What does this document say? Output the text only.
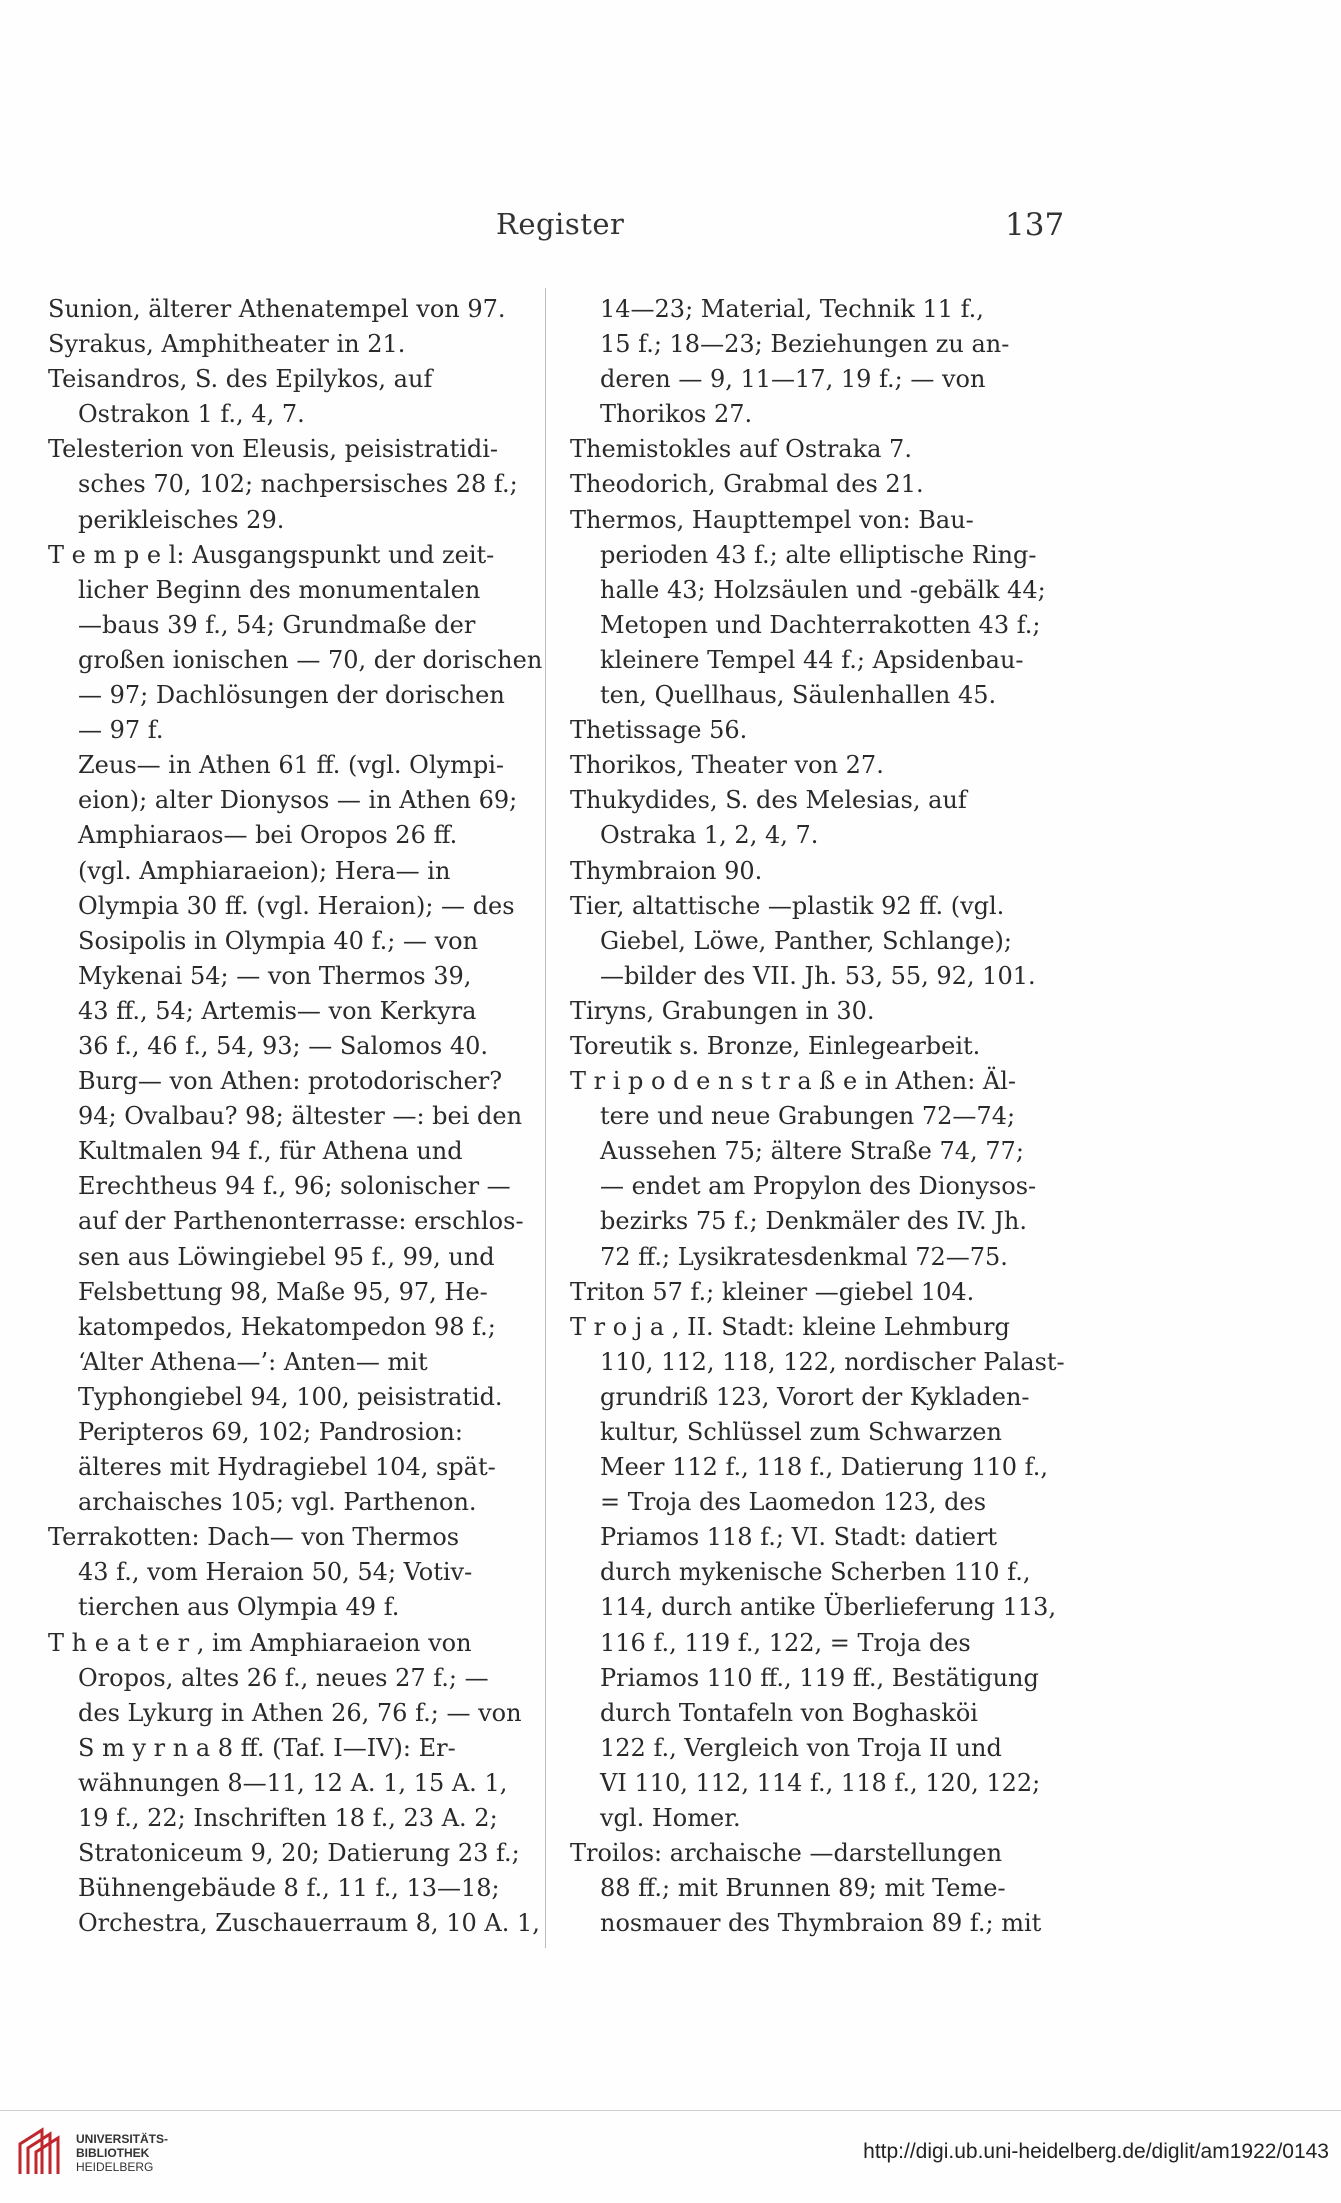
Register	137
Sunion, älterer Athenatempel von 97.
Syrakus, Amphitheater in 21.
Teisandros, S. des Epilykos, auf
Ostrakon 1 f., 4, 7.
Telesterion von Eleusis, peisistratidi-
sches 70, 102; nachpersisches 28 f.;
perikleisches 29.
T e m p e l: Ausgangspunkt und zeit-
licher Beginn des monumentalen
—baus 39 f., 54; Grundmaße der
großen ionischen — 70, der dorischen
— 97; Dachlösungen der dorischen
— 97 f.
Zeus— in Athen 61 ff. (vgl. Olympi-
eion); alter Dionysos — in Athen 69;
Amphiaraos— bei Oropos 26 ff.
(vgl. Amphiaraeion); Hera— in
Olympia 30 ff. (vgl. Heraion); — des
Sosipolis in Olympia 40 f.; — von
Mykenai 54; — von Thermos 39,
43 ff., 54; Artemis— von Kerkyra
36 f., 46 f., 54, 93; — Salomos 40.
Burg— von Athen: protodorischer?
94; Ovalbau? 98; ältester —: bei den
Kultmalen 94 f., für Athena und
Erechtheus 94 f., 96; solonischer —
auf der Parthenonterrasse: erschlos-
sen aus Löwingiebel 95 f., 99, und
Felsbettung 98, Maße 95, 97, He-
katompedos, Hekatompedon 98 f.;
‘Alter Athena—’: Anten— mit
Typhongiebel 94, 100, peisistratid.
Peripteros 69, 102; Pandrosion:
älteres mit Hydragiebel 104, spät-
archaisches 105; vgl. Parthenon.
Terrakotten: Dach— von Thermos
43 f., vom Heraion 50, 54; Votiv-
tierchen aus Olympia 49 f.
T h e a t e r , im Amphiaraeion von
Oropos, altes 26 f., neues 27 f.; —
des Lykurg in Athen 26, 76 f.; — von
S m y r n a 8 ff. (Taf. I—IV): Er-
wähnungen 8—11, 12 A. 1, 15 A. 1,
19 f., 22; Inschriften 18 f., 23 A. 2;
Stratoniceum 9, 20; Datierung 23 f.;
Bühnengebäude 8 f., 11 f., 13—18;
Orchestra, Zuschauerraum 8, 10 A. 1,
14—23; Material, Technik 11 f.,
15 f.; 18—23; Beziehungen zu an-
deren — 9, 11—17, 19 f.; — von
Thorikos 27.
Themistokles auf Ostraka 7.
Theodorich, Grabmal des 21.
Thermos, Haupttempel von: Bau-
perioden 43 f.; alte elliptische Ring-
halle 43; Holzsäulen und -gebälk 44;
Metopen und Dachterrakotten 43 f.;
kleinere Tempel 44 f.; Apsidenbau-
ten, Quellhaus, Säulenhallen 45.
Thetissage 56.
Thorikos, Theater von 27.
Thukydides, S. des Melesias, auf
Ostraka 1, 2, 4, 7.
Thymbraion 90.
Tier, altattische —plastik 92 ff. (vgl.
Giebel, Löwe, Panther, Schlange);
—bilder des VII. Jh. 53, 55, 92, 101.
Tiryns, Grabungen in 30.
Toreutik s. Bronze, Einlegearbeit.
T r i p o d e n s t r a ß e in Athen: Äl-
tere und neue Grabungen 72—74;
Aussehen 75; ältere Straße 74, 77;
— endet am Propylon des Dionysos-
bezirks 75 f.; Denkmäler des IV. Jh.
72 ff.; Lysikratesdenkmal 72—75.
Triton 57 f.; kleiner —giebel 104.
T r o j a , II. Stadt: kleine Lehmburg
110, 112, 118, 122, nordischer Palast-
grundriß 123, Vorort der Kykladen-
kultur, Schlüssel zum Schwarzen
Meer 112 f., 118 f., Datierung 110 f.,
= Troja des Laomedon 123, des
Priamos 118 f.; VI. Stadt: datiert
durch mykenische Scherben 110 f.,
114, durch antike Überlieferung 113,
116 f., 119 f., 122, = Troja des
Priamos 110 ff., 119 ff., Bestätigung
durch Tontafeln von Boghasköi
122 f., Vergleich von Troja II und
VI 110, 112, 114 f., 118 f., 120, 122;
vgl. Homer.
Troilos: archaische —darstellungen
88 ff.; mit Brunnen 89; mit Teme-
nosmauer des Thymbraion 89 f.; mit
UNIVERSITÄTS-
BIBLIOTHEK
HEIDELBERG
http://digi.ub.uni-heidelberg.de/diglit/am1922/0143
